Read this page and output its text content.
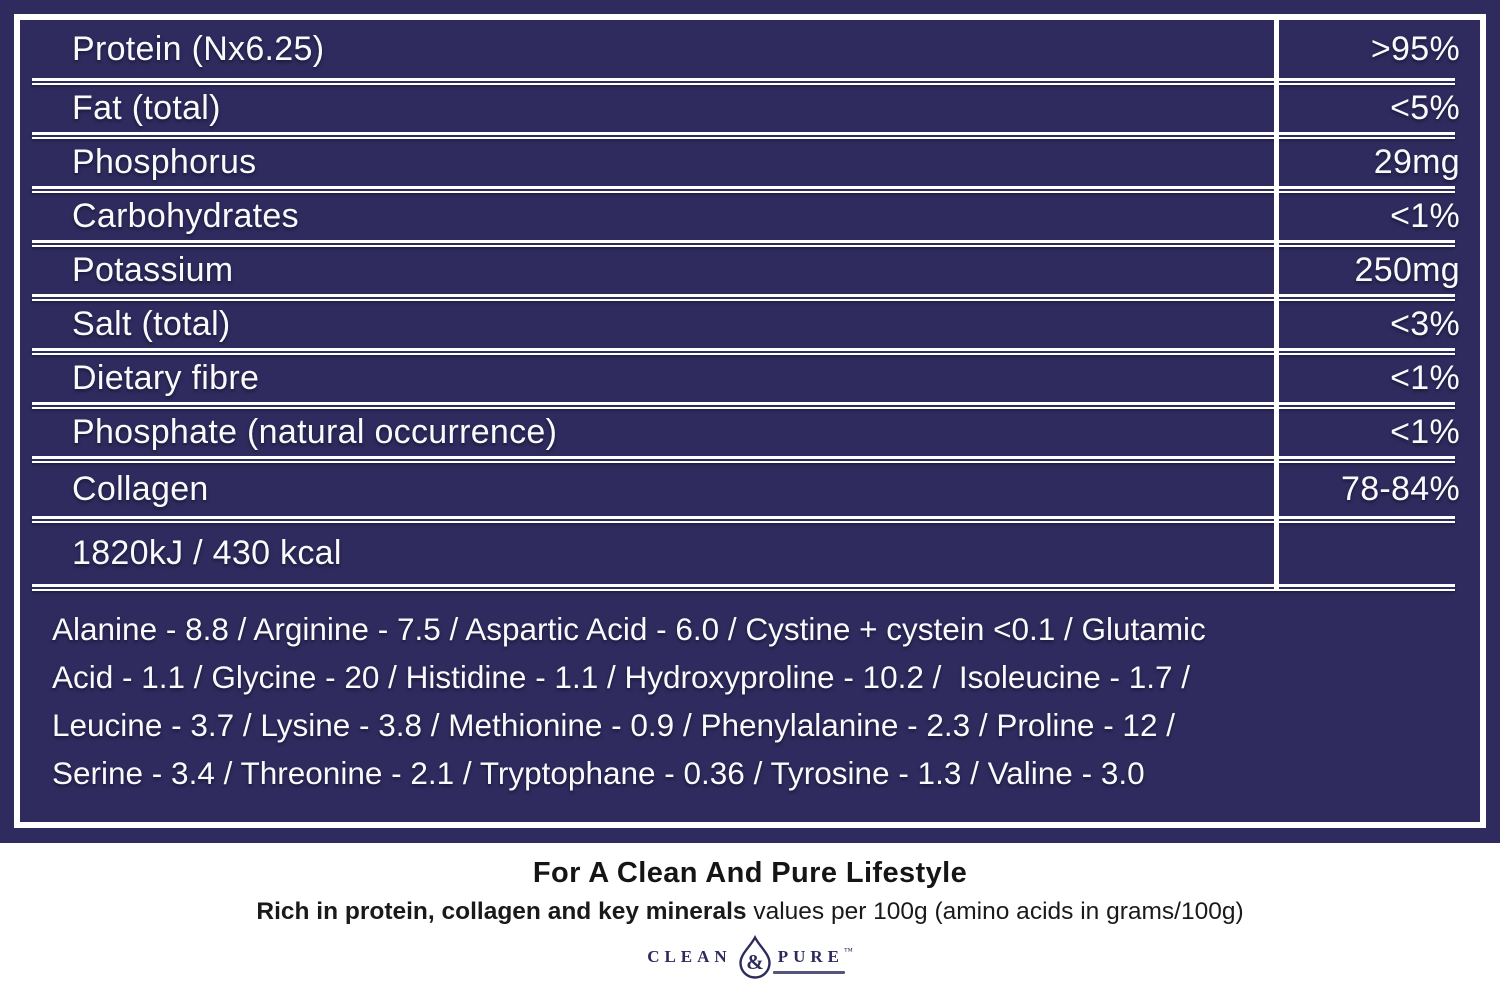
Protein (Nx6.25)	>95%
Fat (total)	<5%
Phosphorus	29mg
Carbohydrates	<1%
Potassium	250mg
Salt (total)	<3%
Dietary fibre	<1%
Phosphate (natural occurrence)	<1%
Collagen	78-84%
1820kJ / 430 kcal
Alanine - 8.8 / Arginine - 7.5 / Aspartic Acid - 6.0 / Cystine + cystein <0.1 / Glutamic
Acid - 1.1 / Glycine - 20 / Histidine - 1.1 / Hydroxyproline - 10.2 /  Isoleucine - 1.7 /
Leucine - 3.7 / Lysine - 3.8 / Methionine - 0.9 / Phenylalanine - 2.3 / Proline - 12 /
Serine - 3.4 / Threonine - 2.1 / Tryptophane - 0.36 / Tyrosine - 1.3 / Valine - 3.0
For A Clean And Pure Lifestyle
Rich in protein, collagen and key minerals values per 100g (amino acids in grams/100g)
CLEAN & PURE ™
